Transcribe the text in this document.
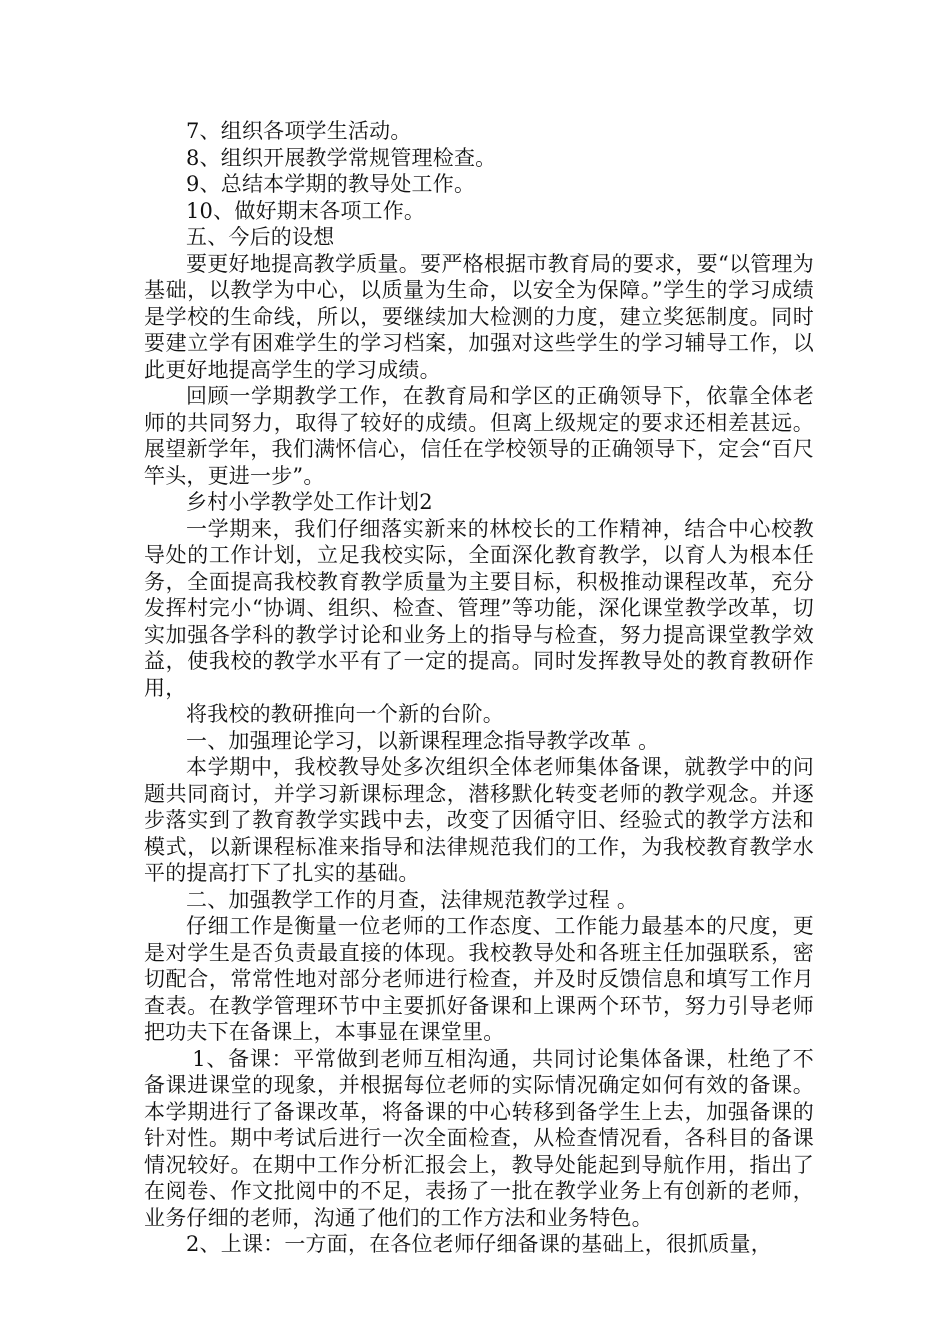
7、组织各项学生活动。

8、组织开展教学常规管理检查。

9、总结本学期的教导处工作。

10、做好期末各项工作。

五、今后的设想

要更好地提高教学质量。要严格根据市教育局的要求，要“以管理为基础，以教学为中心，以质量为生命，以安全为保障。”学生的学习成绩是学校的生命线，所以，要继续加大检测的力度，建立奖惩制度。同时要建立学有困难学生的学习档案，加强对这些学生的学习辅导工作，以此更好地提高学生的学习成绩。

回顾一学期教学工作，在教育局和学区的正确领导下，依靠全体老师的共同努力，取得了较好的成绩。但离上级规定的要求还相差甚远。展望新学年，我们满怀信心，信任在学校领导的正确领导下，定会“百尺竿头，更进一步”。

乡村小学教学处工作计划2

一学期来，我们仔细落实新来的林校长的工作精神，结合中心校教导处的工作计划，立足我校实际，全面深化教育教学，以育人为根本任务，全面提高我校教育教学质量为主要目标，积极推动课程改革，充分发挥村完小“协调、组织、检查、管理”等功能，深化课堂教学改革，切实加强各学科的教学讨论和业务上的指导与检查，努力提高课堂教学效益，使我校的教学水平有了一定的提高。同时发挥教导处的教育教研作用，

将我校的教研推向一个新的台阶。

一、加强理论学习，以新课程理念指导教学改革 。

本学期中，我校教导处多次组织全体老师集体备课，就教学中的问题共同商讨，并学习新课标理念，潜移默化转变老师的教学观念。并逐步落实到了教育教学实践中去，改变了因循守旧、经验式的教学方法和模式，以新课程标准来指导和法律规范我们的工作，为我校教育教学水平的提高打下了扎实的基础。

二、加强教学工作的月查，法律规范教学过程 。

仔细工作是衡量一位老师的工作态度、工作能力最基本的尺度，更是对学生是否负责最直接的体现。我校教导处和各班主任加强联系，密切配合，常常性地对部分老师进行检查，并及时反馈信息和填写工作月查表。在教学管理环节中主要抓好备课和上课两个环节，努力引导老师把功夫下在备课上，本事显在课堂里。

1、备课：平常做到老师互相沟通，共同讨论集体备课，杜绝了不备课进课堂的现象，并根据每位老师的实际情况确定如何有效的备课。本学期进行了备课改革，将备课的中心转移到备学生上去，加强备课的针对性。期中考试后进行一次全面检查，从检查情况看，各科目的备课情况较好。在期中工作分析汇报会上，教导处能起到导航作用，指出了在阅卷、作文批阅中的不足，表扬了一批在教学业务上有创新的老师，业务仔细的老师，沟通了他们的工作方法和业务特色。

2、上课：一方面，在各位老师仔细备课的基础上，很抓质量，
